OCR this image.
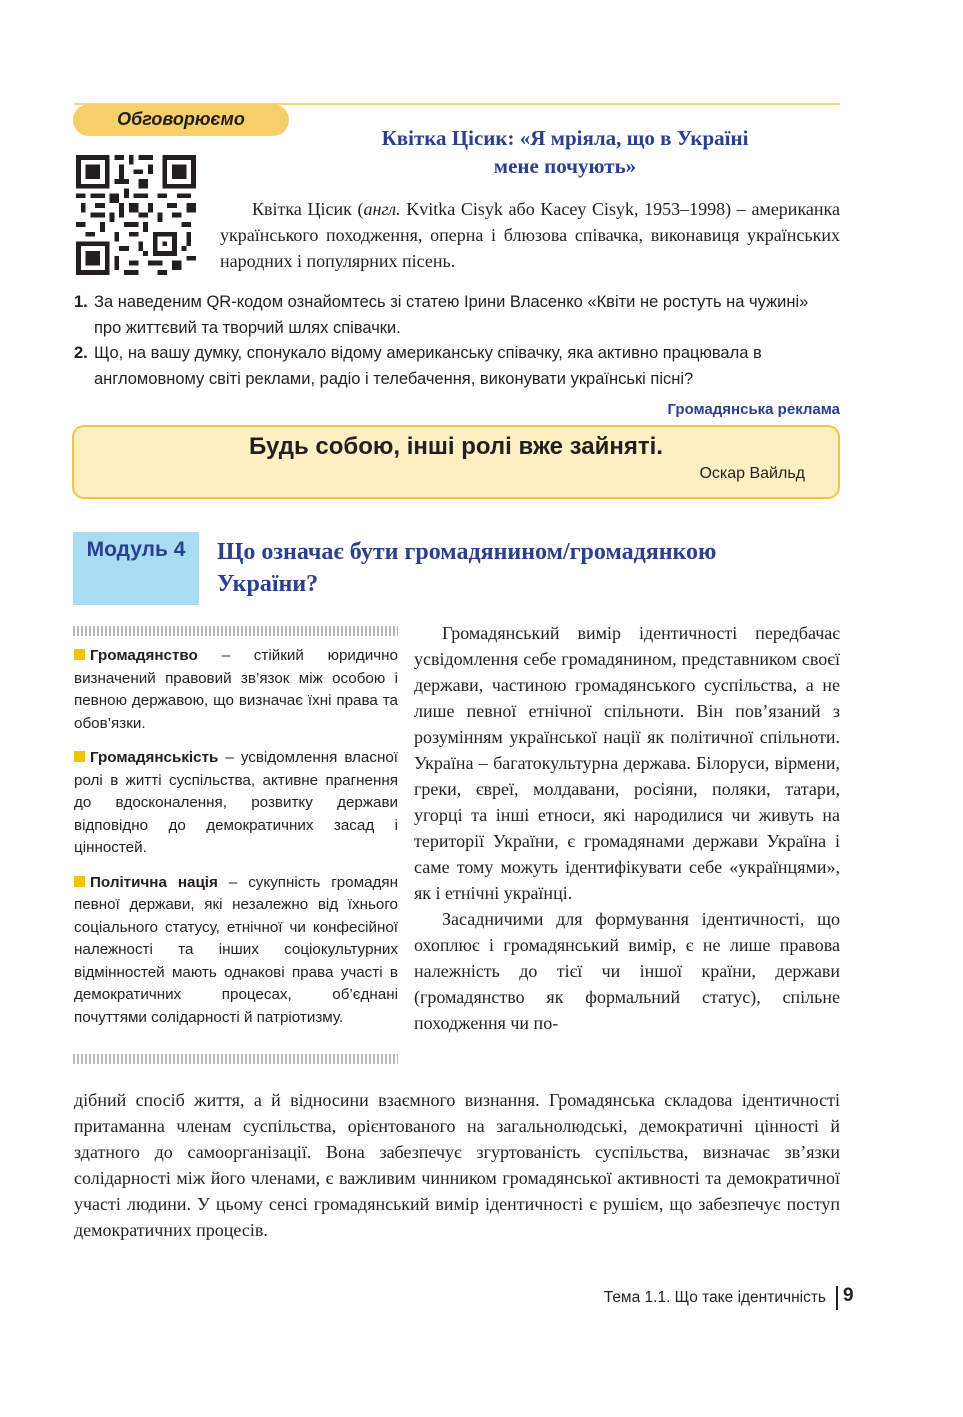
Обговорюємо
Квітка Цісик: «Я мріяла, що в Україні
мене почують»
Квітка Цісик (англ. Kvitka Cisyk або Kacey Cisyk, 1953–1998) – американка українського походження, оперна і блюзова співачка, виконавиця українських народних і популярних пісень.
1. За наведеним QR-кодом ознайомтесь зі статею Ірини Власенко «Квіти не ростуть на чужині» про життєвий та творчий шлях співачки.
2. Що, на вашу думку, спонукало відому американську співачку, яка активно працювала в англомовному світі реклами, радіо і телебачення, виконувати українські пісні?
Громадянська реклама
Будь собою, інші ролі вже зайняті.
Оскар Вайльд
Модуль 4	Що означає бути громадянином/громадянкою
України?
Громадянство – стійкий юридично визначений правовий зв’язок між особою і певною державою, що визначає їхні права та обов’язки.
Громадянськість – усвідомлення власної ролі в житті суспільства, активне прагнення до вдосконалення, розвитку держави відповідно до демократичних засад і цінностей.
Політична нація – сукупність громадян певної держави, які незалежно від їхнього соціального статусу, етнічної чи конфесійної належності та інших соціокультурних відмінностей мають однакові права участі в демократичних процесах, об’єднані почуттями солідарності й патріотизму.

Громадянський вимір ідентичності передбачає усвідомлення себе громадянином, представником своєї держави, частиною громадянського суспільства, а не лише певної етнічної спільноти. Він пов’язаний з розумінням української нації як політичної спільноти. Україна – багатокультурна держава. Білоруси, вірмени, греки, євреї, молдавани, росіяни, поляки, татари, угорці та інші етноси, які народилися чи живуть на території України, є громадянами держави Україна і саме тому можуть ідентифікувати себе «українцями», як і етнічні українці.

Засадничими для формування ідентичності, що охоплює і громадянський вимір, є не лише правова належність до тієї чи іншої країни, держави (громадянство як формальний статус), спільне походження чи по-

дібний спосіб життя, а й відносини взаємного визнання. Громадянська складова ідентичності притаманна членам суспільства, орієнтованого на загальнолюдські, демократичні цінності й здатного до самоорганізації. Вона забезпечує згуртованість суспільства, визначає зв’язки солідарності між його членами, є важливим чинником громадянської активності та демократичної участі людини. У цьому сенсі громадянський вимір ідентичності є рушієм, що забезпечує поступ демократичних процесів.
Тема 1.1. Що таке ідентичність 9
